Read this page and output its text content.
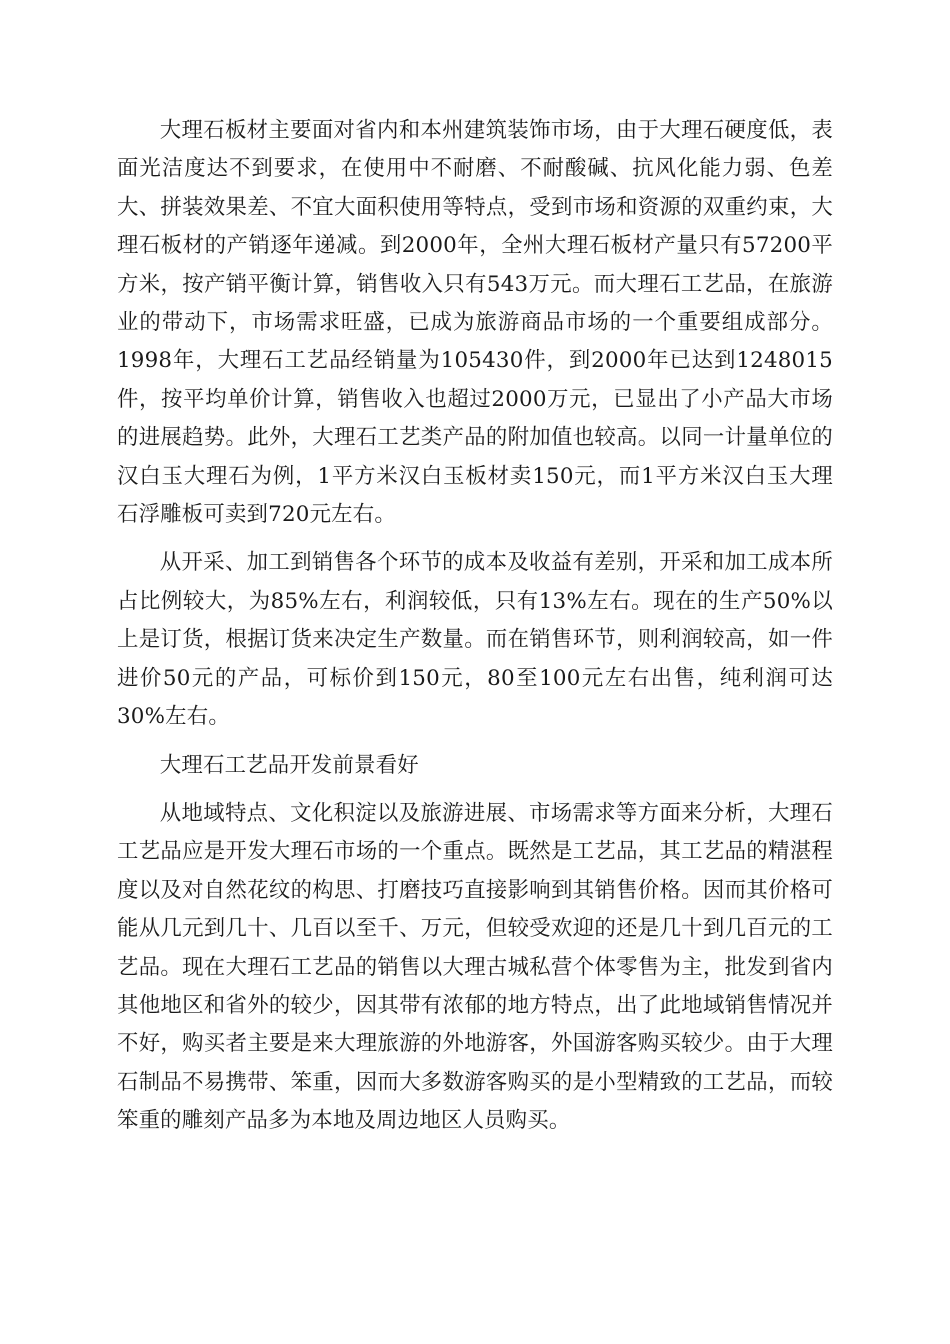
大理石板材主要面对省内和本州建筑装饰市场，由于大理石硬度低，表面光洁度达不到要求，在使用中不耐磨、不耐酸碱、抗风化能力弱、色差大、拼装效果差、不宜大面积使用等特点，受到市场和资源的双重约束，大理石板材的产销逐年递减。到2000年，全州大理石板材产量只有57200平方米，按产销平衡计算，销售收入只有543万元。而大理石工艺品，在旅游业的带动下，市场需求旺盛，已成为旅游商品市场的一个重要组成部分。1998年，大理石工艺品经销量为105430件，到2000年已达到1248015件，按平均单价计算，销售收入也超过2000万元，已显出了小产品大市场的进展趋势。此外，大理石工艺类产品的附加值也较高。以同一计量单位的汉白玉大理石为例，1平方米汉白玉板材卖150元，而1平方米汉白玉大理石浮雕板可卖到720元左右。

从开采、加工到销售各个环节的成本及收益有差别，开采和加工成本所占比例较大，为85%左右，利润较低，只有13%左右。现在的生产50%以上是订货，根据订货来决定生产数量。而在销售环节，则利润较高，如一件进价50元的产品，可标价到150元，80至100元左右出售，纯利润可达30%左右。

大理石工艺品开发前景看好

从地域特点、文化积淀以及旅游进展、市场需求等方面来分析，大理石工艺品应是开发大理石市场的一个重点。既然是工艺品，其工艺品的精湛程度以及对自然花纹的构思、打磨技巧直接影响到其销售价格。因而其价格可能从几元到几十、几百以至千、万元，但较受欢迎的还是几十到几百元的工艺品。现在大理石工艺品的销售以大理古城私营个体零售为主，批发到省内其他地区和省外的较少，因其带有浓郁的地方特点，出了此地域销售情况并不好，购买者主要是来大理旅游的外地游客，外国游客购买较少。由于大理石制品不易携带、笨重，因而大多数游客购买的是小型精致的工艺品，而较笨重的雕刻产品多为本地及周边地区人员购买。
